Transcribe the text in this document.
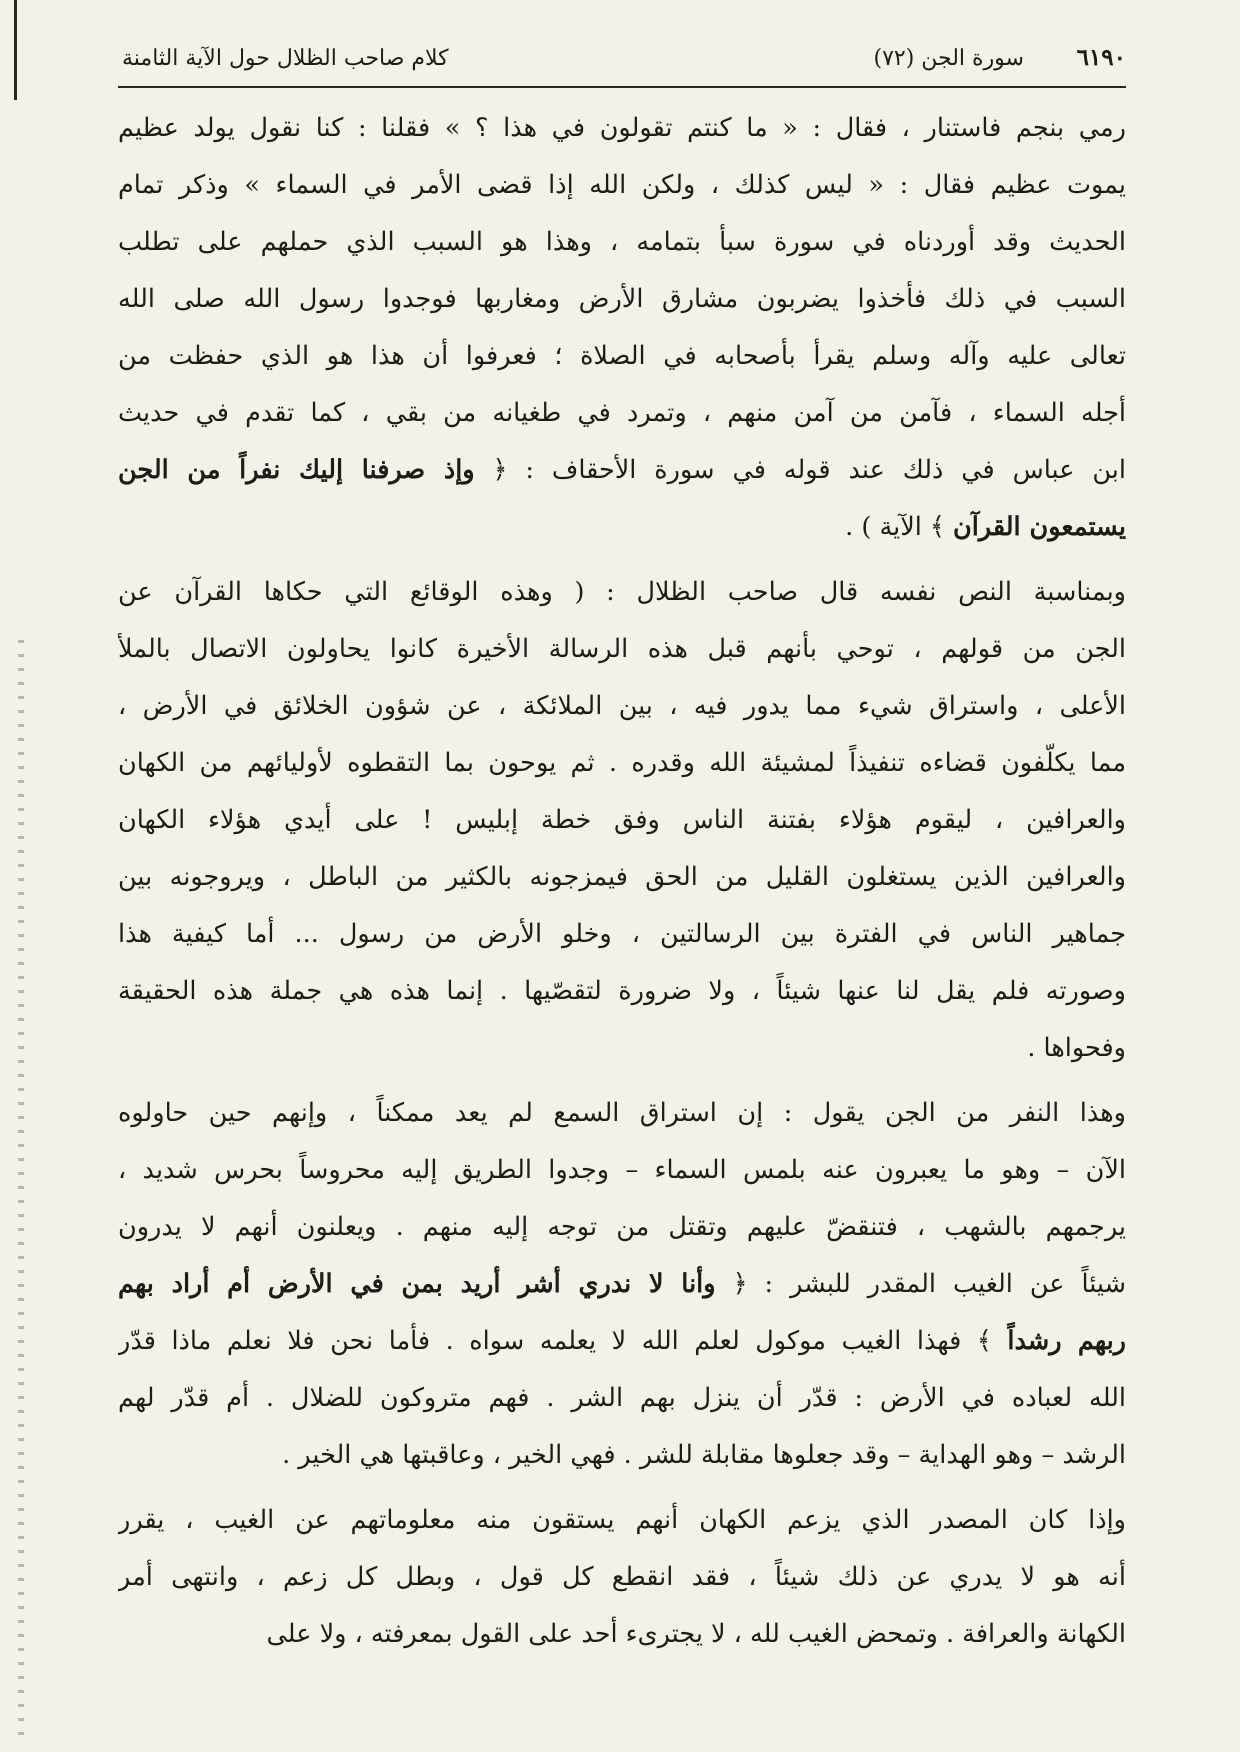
٦١٩٠
سورة الجن (٧٢)
كلام صاحب الظلال حول الآية الثامنة
رمي بنجم فاستنار ، فقال : « ما كنتم تقولون في هذا ؟ » فقلنا : كنا نقول يولد عظيم
يموت عظيم فقال : « ليس كذلك ، ولكن الله إذا قضى الأمر في السماء » وذكر تمام
الحديث وقد أوردناه في سورة سبأ بتمامه ، وهذا هو السبب الذي حملهم على تطلب
السبب في ذلك فأخذوا يضربون مشارق الأرض ومغاربها فوجدوا رسول الله صلى الله
تعالى عليه وآله وسلم يقرأ بأصحابه في الصلاة ؛ فعرفوا أن هذا هو الذي حفظت من
أجله السماء ، فآمن من آمن منهم ، وتمرد في طغيانه من بقي ، كما تقدم في حديث
ابن عباس في ذلك عند قوله في سورة الأحقاف : ﴿ وإذ صرفنا إليك نفراً من الجن
يستمعون القرآن ﴾ الآية ) .
وبمناسبة النص نفسه قال صاحب الظلال : ( وهذه الوقائع التي حكاها القرآن عن
الجن من قولهم ، توحي بأنهم قبل هذه الرسالة الأخيرة كانوا يحاولون الاتصال بالملأ
الأعلى ، واستراق شيء مما يدور فيه ، بين الملائكة ، عن شؤون الخلائق في الأرض ،
مما يكلّفون قضاءه تنفيذاً لمشيئة الله وقدره . ثم يوحون بما التقطوه لأوليائهم من الكهان
والعرافين ، ليقوم هؤلاء بفتنة الناس وفق خطة إبليس ! على أيدي هؤلاء الكهان
والعرافين الذين يستغلون القليل من الحق فيمزجونه بالكثير من الباطل ، ويروجونه بين
جماهير الناس في الفترة بين الرسالتين ، وخلو الأرض من رسول ... أما كيفية هذا
وصورته فلم يقل لنا عنها شيئاً ، ولا ضرورة لتقصّيها . إنما هذه هي جملة هذه الحقيقة
وفحواها .
وهذا النفر من الجن يقول : إن استراق السمع لم يعد ممكناً ، وإنهم حين حاولوه
الآن – وهو ما يعبرون عنه بلمس السماء – وجدوا الطريق إليه محروساً بحرس شديد ،
يرجمهم بالشهب ، فتنقضّ عليهم وتقتل من توجه إليه منهم . ويعلنون أنهم لا يدرون
شيئاً عن الغيب المقدر للبشر : ﴿ وأنا لا ندري أشر أريد بمن في الأرض أم أراد بهم
ربهم رشداً ﴾ فهذا الغيب موكول لعلم الله لا يعلمه سواه . فأما نحن فلا نعلم ماذا قدّر
الله لعباده في الأرض : قدّر أن ينزل بهم الشر . فهم متروكون للضلال . أم قدّر لهم
الرشد – وهو الهداية – وقد جعلوها مقابلة للشر . فهي الخير ، وعاقبتها هي الخير .
وإذا كان المصدر الذي يزعم الكهان أنهم يستقون منه معلوماتهم عن الغيب ، يقرر
أنه هو لا يدري عن ذلك شيئاً ، فقد انقطع كل قول ، وبطل كل زعم ، وانتهى أمر
الكهانة والعرافة . وتمحض الغيب لله ، لا يجترىء أحد على القول بمعرفته ، ولا على
